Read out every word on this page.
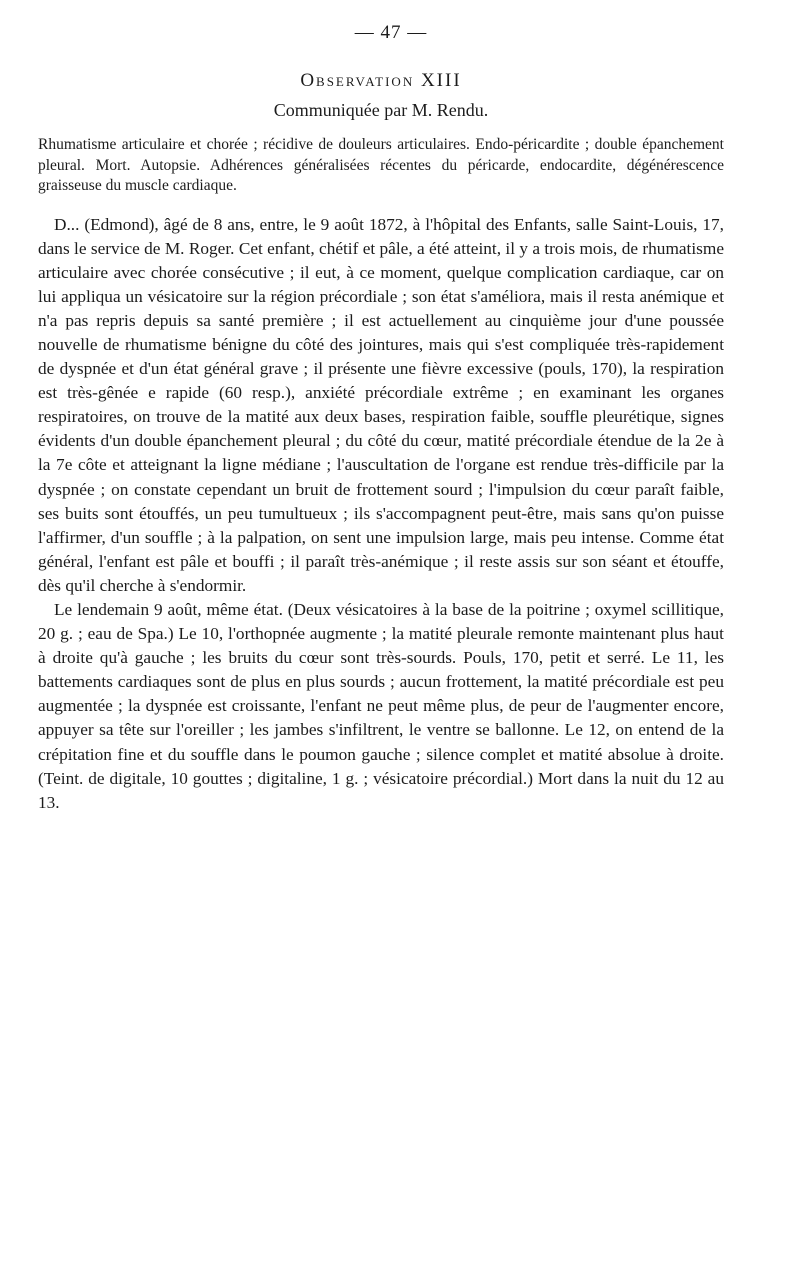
— 47 —
Observation XIII
Communiquée par M. Rendu.

Rhumatisme articulaire et chorée ; récidive de douleurs articulaires. Endo-péricardite ; double épanchement pleural. Mort. Autopsie. Adhérences généralisées récentes du péricarde, endocardite, dégénérescence graisseuse du muscle cardiaque.

D... (Edmond), âgé de 8 ans, entre, le 9 août 1872, à l'hôpital des Enfants, salle Saint-Louis, 17, dans le service de M. Roger. Cet enfant, chétif et pâle, a été atteint, il y a trois mois, de rhumatisme articulaire avec chorée consécutive ; il eut, à ce moment, quelque complication cardiaque, car on lui appliqua un vésicatoire sur la région précordiale ; son état s'améliora, mais il resta anémique et n'a pas repris depuis sa santé première ; il est actuellement au cinquième jour d'une poussée nouvelle de rhumatisme bénigne du côté des jointures, mais qui s'est compliquée très-rapidement de dyspnée et d'un état général grave ; il présente une fièvre excessive (pouls, 170), la respiration est très-gênée e rapide (60 resp.), anxiété précordiale extrême ; en examinant les organes respiratoires, on trouve de la matité aux deux bases, respiration faible, souffle pleurétique, signes évidents d'un double épanchement pleural ; du côté du cœur, matité précordiale étendue de la 2e à la 7e côte et atteignant la ligne médiane ; l'auscultation de l'organe est rendue très-difficile par la dyspnée ; on constate cependant un bruit de frottement sourd ; l'impulsion du cœur paraît faible, ses buits sont étouffés, un peu tumultueux ; ils s'accompagnent peut-être, mais sans qu'on puisse l'affirmer, d'un souffle ; à la palpation, on sent une impulsion large, mais peu intense. Comme état général, l'enfant est pâle et bouffi ; il paraît très-anémique ; il reste assis sur son séant et étouffe, dès qu'il cherche à s'endormir.

Le lendemain 9 août, même état. (Deux vésicatoires à la base de la poitrine ; oxymel scillitique, 20 g. ; eau de Spa.) Le 10, l'orthopnée augmente ; la matité pleurale remonte maintenant plus haut à droite qu'à gauche ; les bruits du cœur sont très-sourds. Pouls, 170, petit et serré. Le 11, les battements cardiaques sont de plus en plus sourds ; aucun frottement, la matité précordiale est peu augmentée ; la dyspnée est croissante, l'enfant ne peut même plus, de peur de l'augmenter encore, appuyer sa tête sur l'oreiller ; les jambes s'infiltrent, le ventre se ballonne. Le 12, on entend de la crépitation fine et du souffle dans le poumon gauche ; silence complet et matité absolue à droite. (Teint. de digitale, 10 gouttes ; digitaline, 1 g. ; vésicatoire précordial.) Mort dans la nuit du 12 au 13.
